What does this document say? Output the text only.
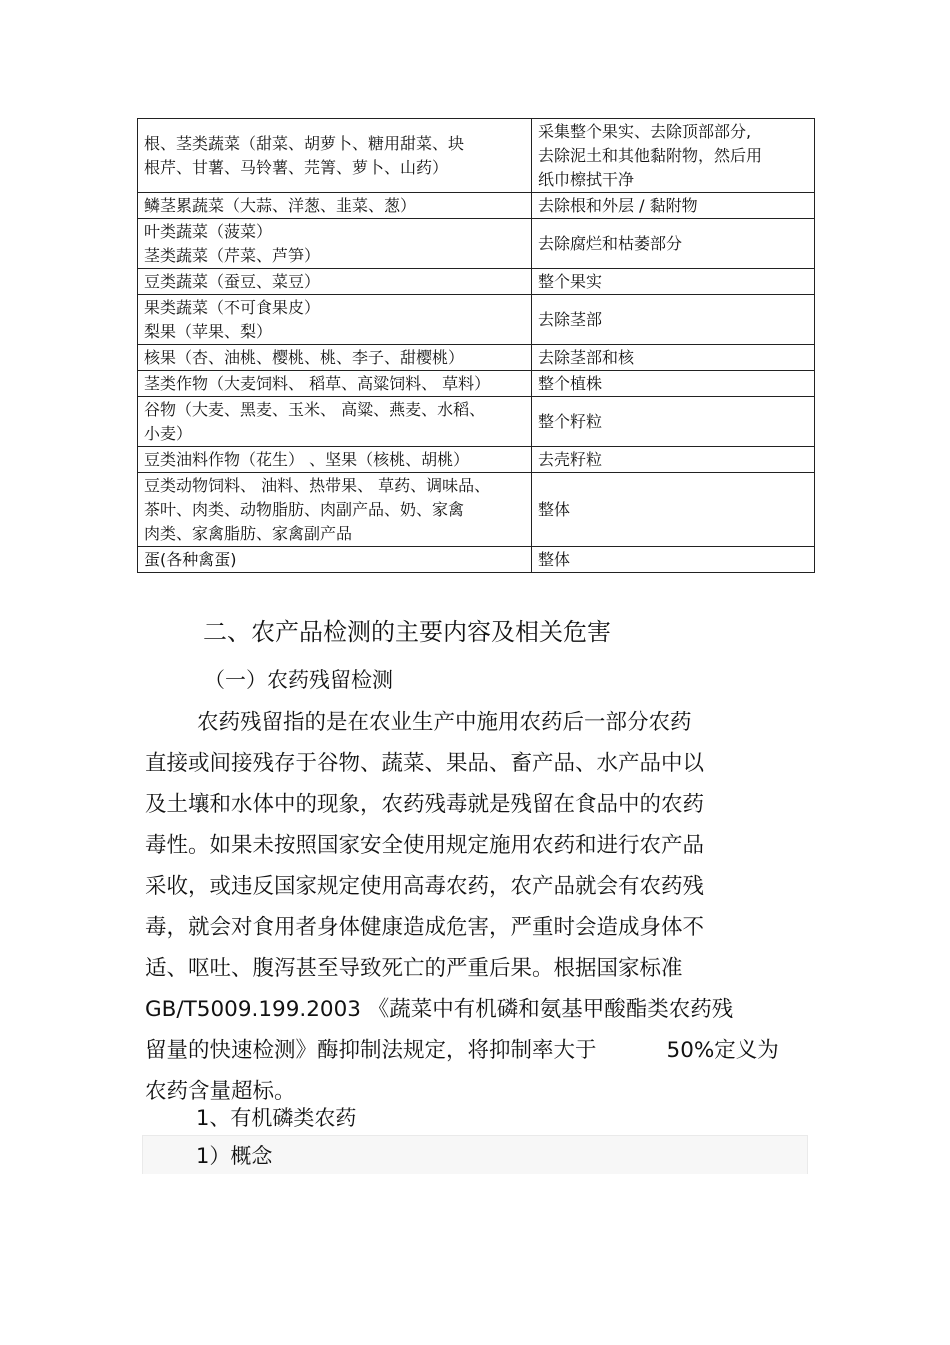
根、茎类蔬菜（甜菜、胡萝卜、糖用甜菜、块
根芹、甘薯、马铃薯、芫箐、萝卜、山药）	采集整个果实、去除顶部部分,
去除泥土和其他黏附物，然后用
纸巾檫拭干净

鳞茎累蔬菜（大蒜、洋葱、韭菜、葱）	去除根和外层 / 黏附物

叶类蔬菜（菠菜）
茎类蔬菜（芹菜、芦笋）	去除腐烂和枯萎部分

豆类蔬菜（蚕豆、菜豆）	整个果实

果类蔬菜（不可食果皮）
梨果（苹果、梨）	去除茎部

核果（杏、油桃、樱桃、桃、李子、甜樱桃）	去除茎部和核

茎类作物（大麦饲料、 稻草、高粱饲料、 草料）	整个植株

谷物（大麦、黑麦、玉米、 高粱、燕麦、水稻、
小麦）	整个籽粒

豆类油料作物（花生） 、坚果（核桃、胡桃）	去壳籽粒

豆类动物饲料、 油料、热带果、 草药、调味品、
茶叶、肉类、动物脂肪、肉副产品、奶、家禽
肉类、家禽脂肪、家禽副产品	整体

蛋(各种禽蛋)	整体
二、农产品检测的主要内容及相关危害
（一）农药残留检测
农药残留指的是在农业生产中施用农药后一部分农药
直接或间接残存于谷物、蔬菜、果品、畜产品、水产品中以
及土壤和水体中的现象，农药残毒就是残留在食品中的农药
毒性。如果未按照国家安全使用规定施用农药和进行农产品
采收，或违反国家规定使用高毒农药，农产品就会有农药残
毒，就会对食用者身体健康造成危害，严重时会造成身体不
适、呕吐、腹泻甚至导致死亡的严重后果。根据国家标准
GB/T5009.199.2003 《蔬菜中有机磷和氨基甲酸酯类农药残
留量的快速检测》酶抑制法规定，将抑制率大于	50%定义为
农药含量超标。
1、有机磷类农药
1）概念
